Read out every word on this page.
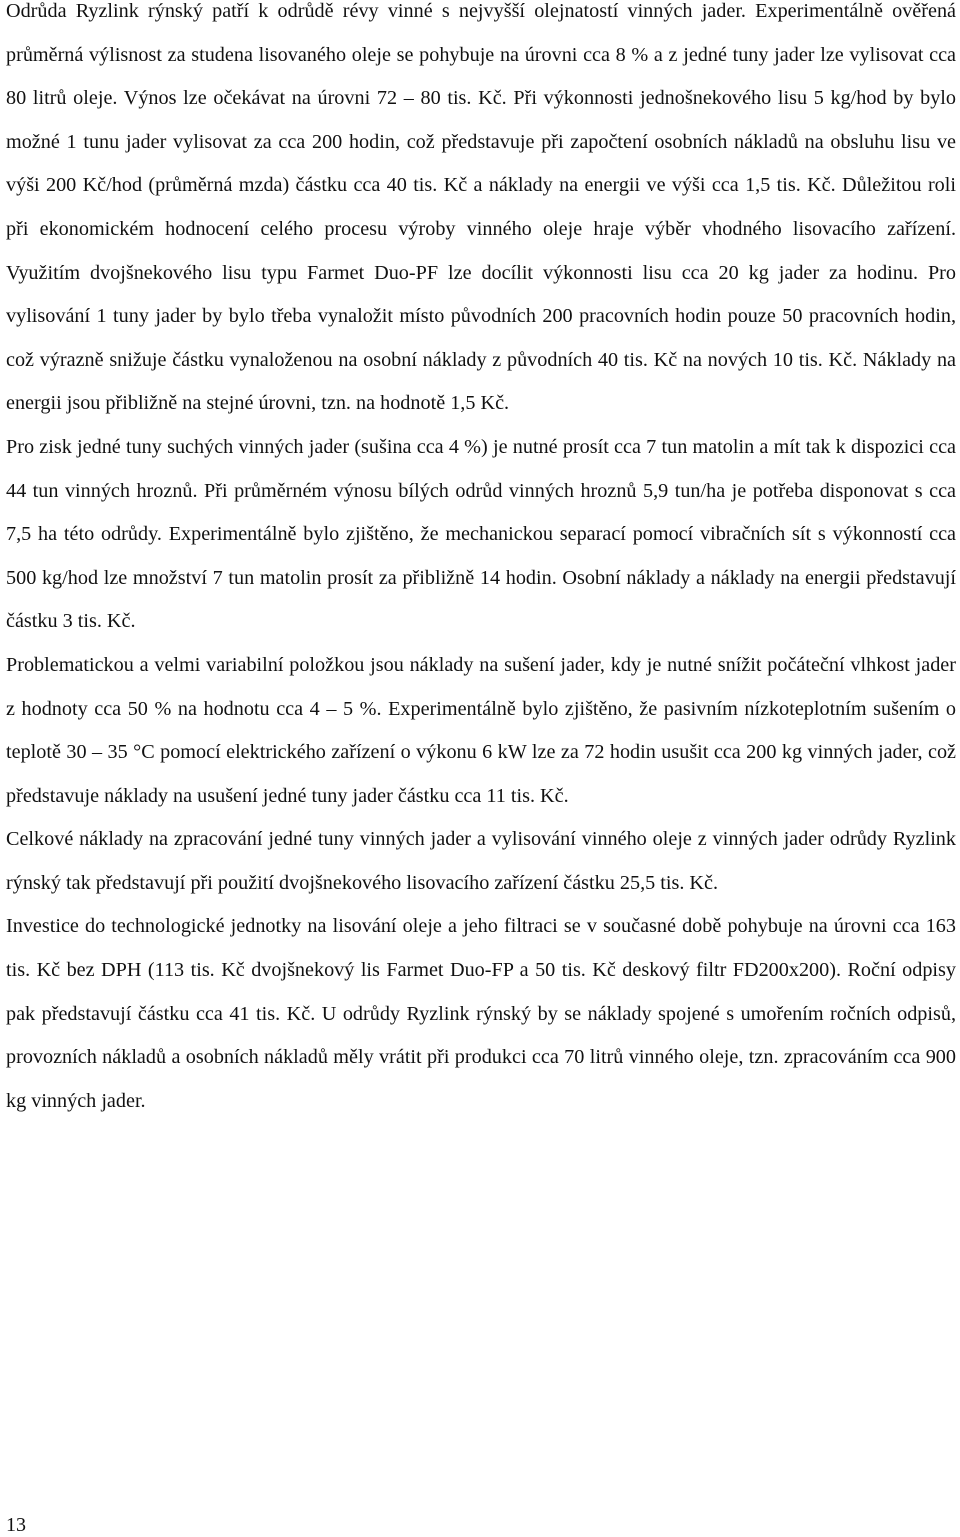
Odrůda Ryzlink rýnský patří k odrůdě révy vinné s nejvyšší olejnatostí vinných jader. Experimentálně ověřená průměrná výlisnost za studena lisovaného oleje se pohybuje na úrovni cca 8 % a z jedné tuny jader lze vylisovat cca 80 litrů oleje. Výnos lze očekávat na úrovni 72 – 80 tis. Kč. Při výkonnosti jednošnekového lisu 5 kg/hod by bylo možné 1 tunu jader vylisovat za cca 200 hodin, což představuje při započtení osobních nákladů na obsluhu lisu ve výši 200 Kč/hod (průměrná mzda) částku cca 40 tis. Kč a náklady na energii ve výši cca 1,5 tis. Kč. Důležitou roli při ekonomickém hodnocení celého procesu výroby vinného oleje hraje výběr vhodného lisovacího zařízení. Využitím dvojšnekového lisu typu Farmet Duo-PF lze docílit výkonnosti lisu cca 20 kg jader za hodinu. Pro vylisování 1 tuny jader by bylo třeba vynaložit místo původních 200 pracovních hodin pouze 50 pracovních hodin, což výrazně snižuje částku vynaloženou na osobní náklady z původních 40 tis. Kč na nových 10 tis. Kč. Náklady na energii jsou přibližně na stejné úrovni, tzn. na hodnotě 1,5 Kč.

Pro zisk jedné tuny suchých vinných jader (sušina cca 4 %) je nutné prosít cca 7 tun matolin a mít tak k dispozici cca 44 tun vinných hroznů. Při průměrném výnosu bílých odrůd vinných hroznů 5,9 tun/ha je potřeba disponovat s cca 7,5 ha této odrůdy. Experimentálně bylo zjištěno, že mechanickou separací pomocí vibračních sít s výkonností cca 500 kg/hod lze množství 7 tun matolin prosít za přibližně 14 hodin. Osobní náklady a náklady na energii představují částku 3 tis. Kč.

Problematickou a velmi variabilní položkou jsou náklady na sušení jader, kdy je nutné snížit počáteční vlhkost jader z hodnoty cca 50 % na hodnotu cca 4 – 5 %. Experimentálně bylo zjištěno, že pasivním nízkoteplotním sušením o teplotě 30 – 35 °C pomocí elektrického zařízení o výkonu 6 kW lze za 72 hodin usušit cca 200 kg vinných jader, což představuje náklady na usušení jedné tuny jader částku cca 11 tis. Kč.

Celkové náklady na zpracování jedné tuny vinných jader a vylisování vinného oleje z vinných jader odrůdy Ryzlink rýnský tak představují při použití dvojšnekového lisovacího zařízení částku 25,5 tis. Kč.

Investice do technologické jednotky na lisování oleje a jeho filtraci se v současné době pohybuje na úrovni cca 163 tis. Kč bez DPH (113 tis. Kč dvojšnekový lis Farmet Duo-FP a 50 tis. Kč deskový filtr FD200x200). Roční odpisy pak představují částku cca 41 tis. Kč. U odrůdy Ryzlink rýnský by se náklady spojené s umořením ročních odpisů, provozních nákladů a osobních nákladů měly vrátit při produkci cca 70 litrů vinného oleje, tzn. zpracováním cca 900 kg vinných jader.

13
